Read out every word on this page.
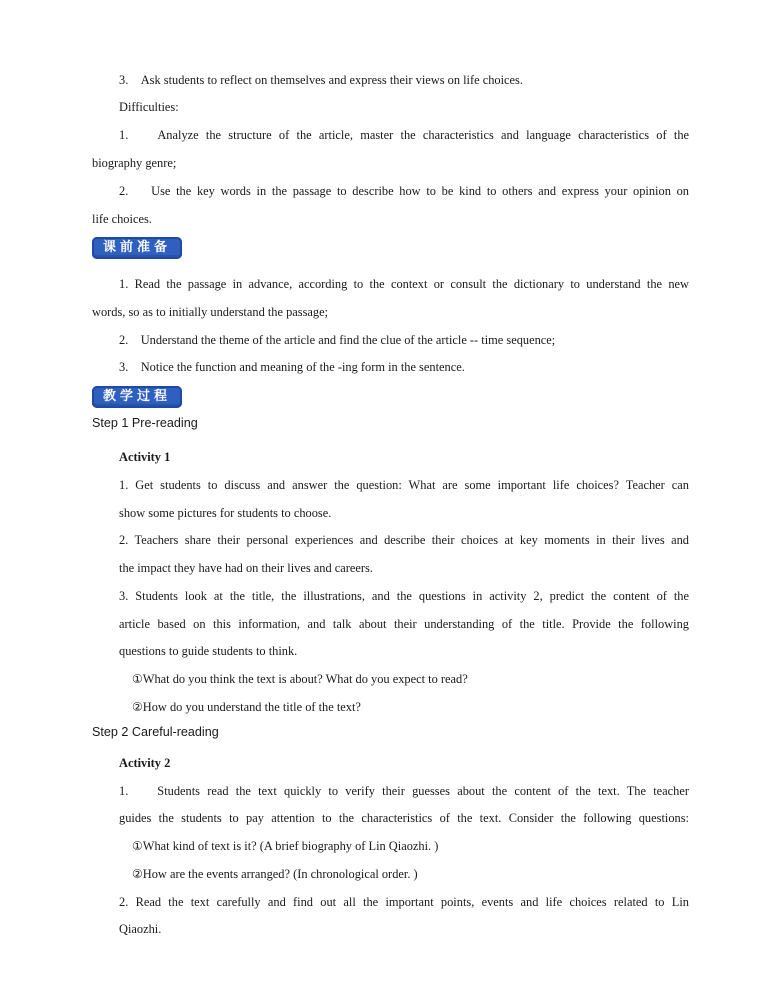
3.    Ask students to reflect on themselves and express their views on life choices.
Difficulties:
1. Analyze the structure of the article, master the characteristics and language characteristics of the
biography genre;
2. Use the key words in the passage to describe how to be kind to others and express your opinion on
life choices.
课前准备
1. Read the passage in advance, according to the context or consult the dictionary to understand the new
words, so as to initially understand the passage;
2. Understand the theme of the article and find the clue of the article -- time sequence;
3. Notice the function and meaning of the -ing form in the sentence.
教学过程
Step 1 Pre-reading
Activity 1
1. Get students to discuss and answer the question: What are some important life choices? Teacher can
show some pictures for students to choose.
2. Teachers share their personal experiences and describe their choices at key moments in their lives and
the impact they have had on their lives and careers.
3. Students look at the title, the illustrations, and the questions in activity 2, predict the content of the
article based on this information, and talk about their understanding of the title. Provide the following
questions to guide students to think.
①What do you think the text is about? What do you expect to read?
②How do you understand the title of the text?
Step 2 Careful-reading
Activity 2
1. Students read the text quickly to verify their guesses about the content of the text. The teacher
guides the students to pay attention to the characteristics of the text. Consider the following questions:
①What kind of text is it? (A brief biography of Lin Qiaozhi. )
②How are the events arranged? (In chronological order. )
2. Read the text carefully and find out all the important points, events and life choices related to Lin
Qiaozhi.
